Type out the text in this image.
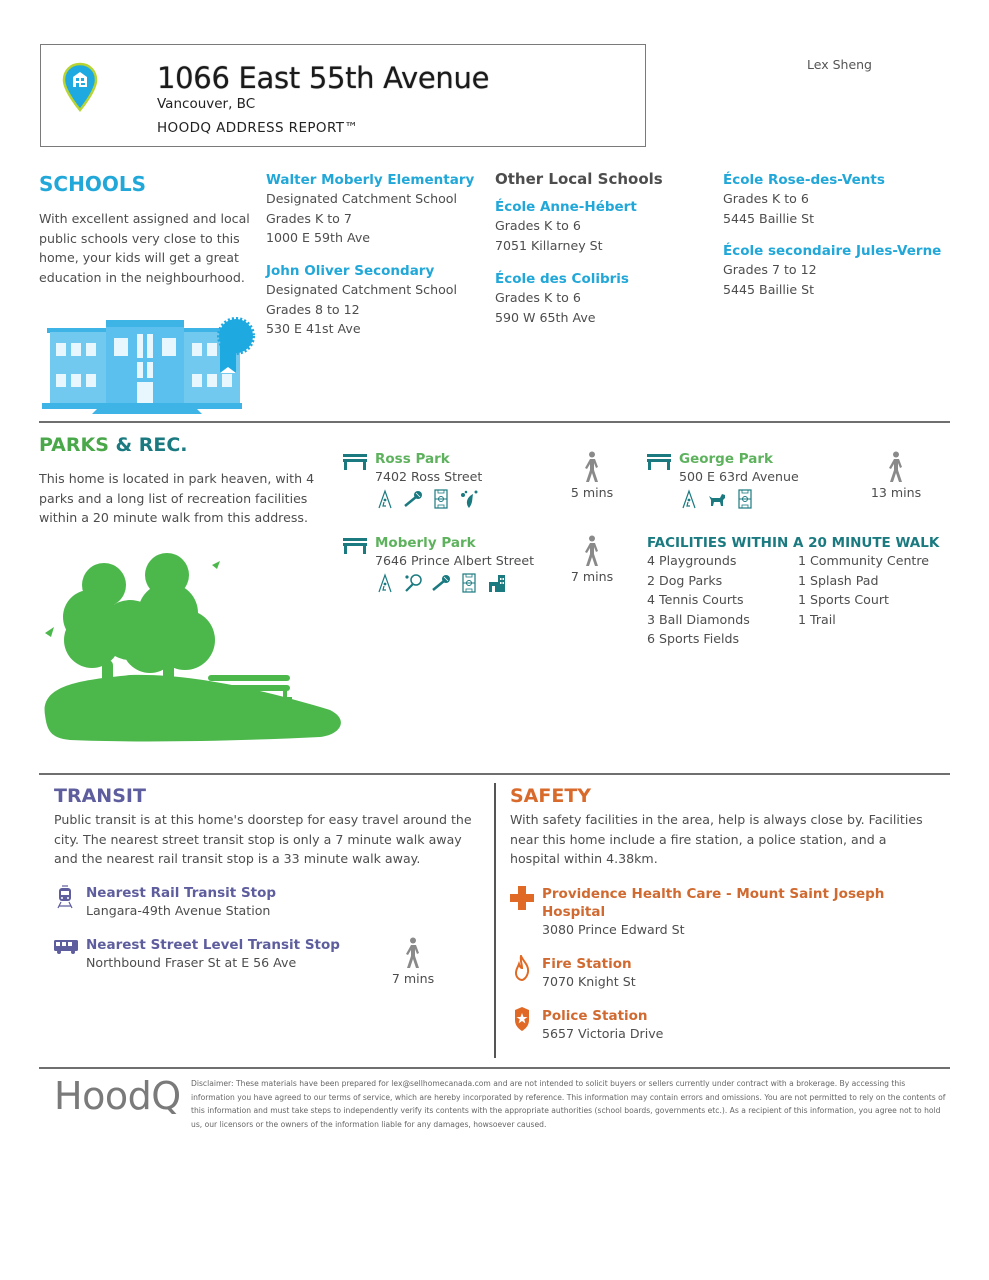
1066 East 55th Avenue
Vancouver, BC
HOODQ ADDRESS REPORT™
Lex Sheng
SCHOOLS
With excellent assigned and local public schools very close to this home, your kids will get a great education in the neighbourhood.
Walter Moberly Elementary
Designated Catchment School
Grades K to 7
1000 E 59th Ave
John Oliver Secondary
Designated Catchment School
Grades 8 to 12
530 E 41st Ave
Other Local Schools
École Anne-Hébert
Grades K to 6
7051 Killarney St
École des Colibris
Grades K to 6
590 W 65th Ave
École Rose-des-Vents
Grades K to 6
5445 Baillie St
École secondaire Jules-Verne
Grades 7 to 12
5445 Baillie St
PARKS & REC.
This home is located in park heaven, with 4 parks and a long list of recreation facilities within a 20 minute walk from this address.
Ross Park
7402 Ross Street
5 mins
George Park
500 E 63rd Avenue
13 mins
Moberly Park
7646 Prince Albert Street
7 mins
FACILITIES WITHIN A 20 MINUTE WALK
4 Playgrounds
2 Dog Parks
4 Tennis Courts
3 Ball Diamonds
6 Sports Fields
1 Community Centre
1 Splash Pad
1 Sports Court
1 Trail
TRANSIT
Public transit is at this home's doorstep for easy travel around the city. The nearest street transit stop is only a 7 minute walk away and the nearest rail transit stop is a 33 minute walk away.
Nearest Rail Transit Stop
Langara-49th Avenue Station
Nearest Street Level Transit Stop
Northbound Fraser St at E 56 Ave
7 mins
SAFETY
With safety facilities in the area, help is always close by. Facilities near this home include a fire station, a police station, and a hospital within 4.38km.
Providence Health Care - Mount Saint Joseph
Hospital
3080 Prince Edward St
Fire Station
7070 Knight St
Police Station
5657 Victoria Drive
HoodQ Disclaimer: These materials have been prepared for lex@sellhomecanada.com and are not intended to solicit buyers or sellers currently under contract with a brokerage. By accessing this information you have agreed to our terms of service, which are hereby incorporated by reference. This information may contain errors and omissions. You are not permitted to rely on the contents of this information and must take steps to independently verify its contents with the appropriate authorities (school boards, governments etc.). As a recipient of this information, you agree not to hold us, our licensors or the owners of the information liable for any damages, howsoever caused.
